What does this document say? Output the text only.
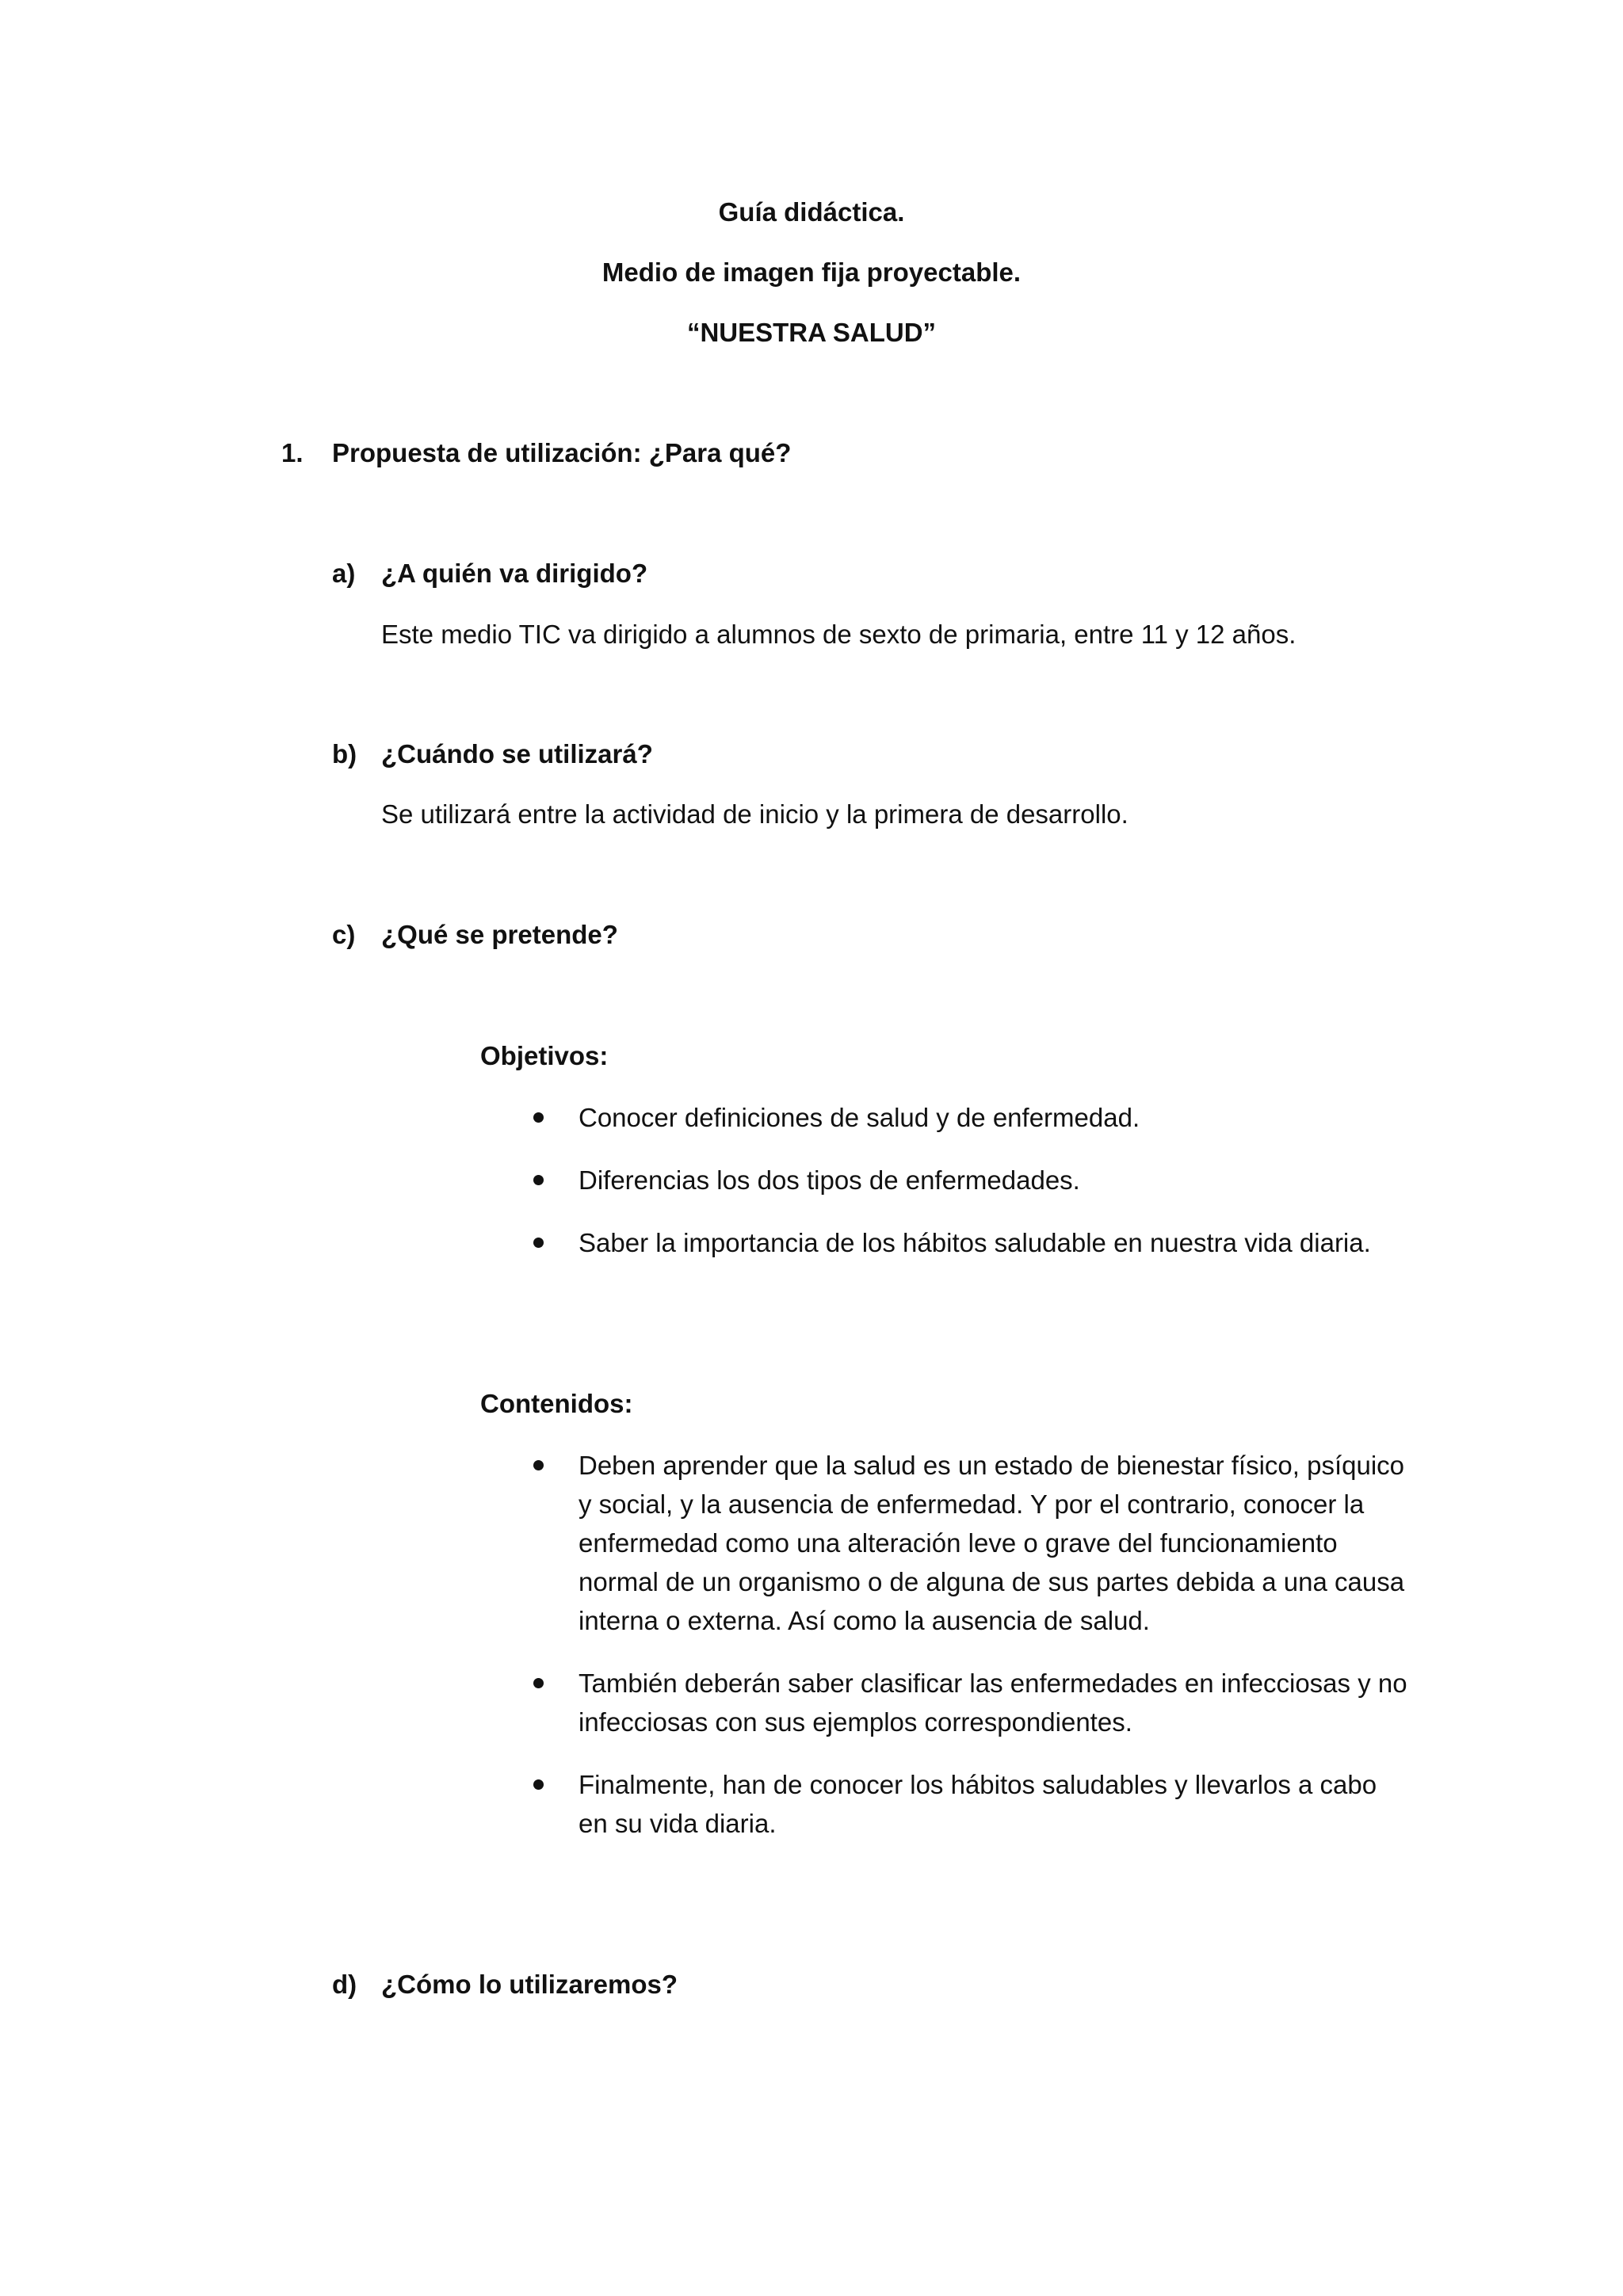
Guía didáctica.
Medio de imagen fija proyectable.
“NUESTRA SALUD”
1. Propuesta de utilización: ¿Para qué?
a) ¿A quién va dirigido?
Este medio TIC va dirigido a alumnos de sexto de primaria, entre 11 y 12 años.
b) ¿Cuándo se utilizará?
Se utilizará entre la actividad de inicio y la primera de desarrollo.
c) ¿Qué se pretende?
Objetivos:
Conocer definiciones de salud y de enfermedad.
Diferencias los dos tipos de enfermedades.
Saber la importancia de los hábitos saludable en nuestra vida diaria.
Contenidos:
Deben aprender que la salud es un estado de bienestar físico, psíquico y social, y la ausencia de enfermedad. Y por el contrario, conocer la enfermedad como una alteración leve o grave del funcionamiento normal de un organismo o de alguna de sus partes debida a una causa interna o externa. Así como la ausencia de salud.
También deberán saber clasificar las enfermedades en infecciosas y no infecciosas con sus ejemplos correspondientes.
Finalmente, han de conocer los hábitos saludables y llevarlos a cabo en su vida diaria.
d) ¿Cómo lo utilizaremos?
